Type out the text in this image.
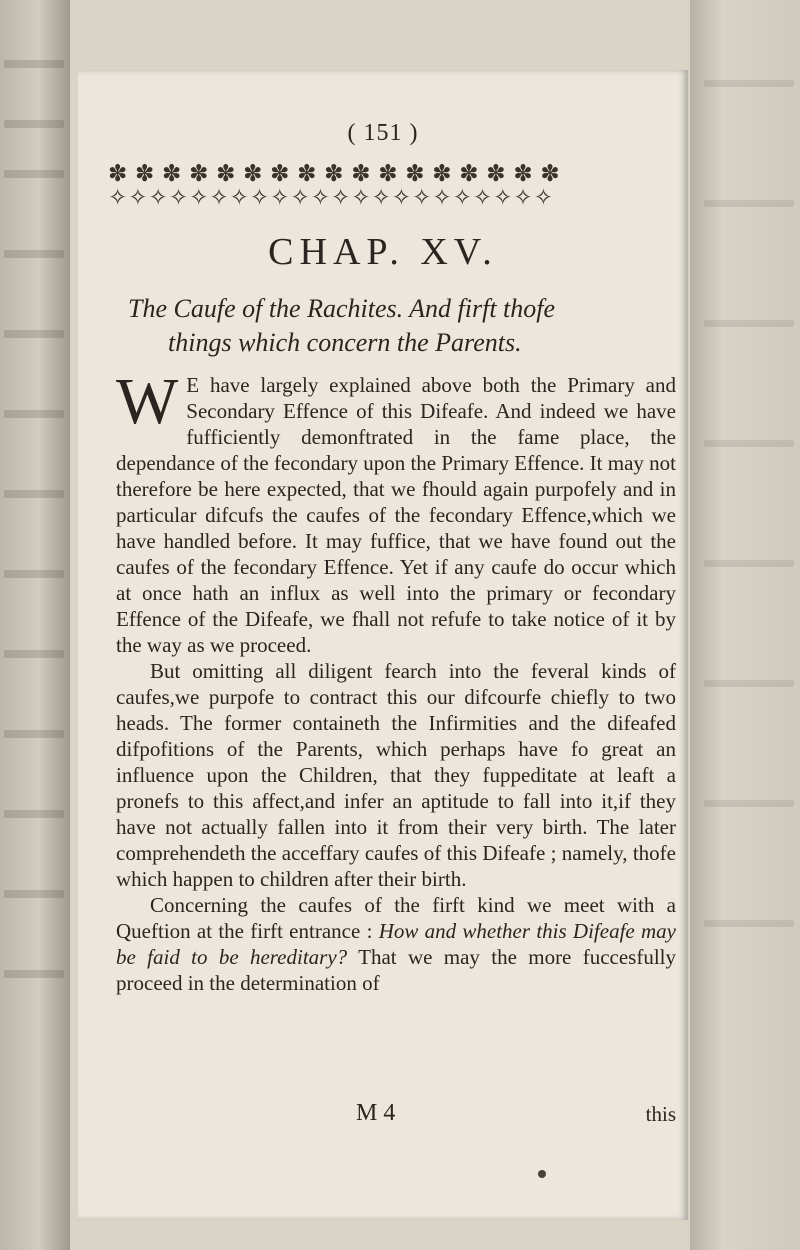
( 151 )
✽ ✽ ✽ ✽ ✽ ✽ ✽ ✽ ✽ ✽ ✽ ✽ ✽ ✽ ✽ ✽ ✽
✧✧✧✧✧✧✧✧✧✧✧✧✧✧✧✧✧✧✧✧✧✧
CHAP. XV.
The Caufe of the Rachites. And firft thofe
things which concern the Parents.

W E have largely explained above both the Primary and Secondary Effence of this Difeafe. And indeed we have fufficiently demonftrated in the fame place, the dependance of the fecondary upon the Primary Effence. It may not therefore be here expected, that we fhould again purpofely and in particular difcufs the caufes of the fecondary Effence,which we have handled before. It may fuffice, that we have found out the caufes of the fecondary Effence. Yet if any caufe do occur which at once hath an influx as well into the primary or fecondary Effence of the Difeafe, we fhall not refufe to take notice of it by the way as we proceed.

But omitting all diligent fearch into the feveral kinds of caufes,we purpofe to contract this our difcourfe chiefly to two heads. The former containeth the Infirmities and the difeafed difpofitions of the Parents, which perhaps have fo great an influence upon the Children, that they fuppeditate at leaft a pronefs to this affect,and infer an aptitude to fall into it,if they have not actually fallen into it from their very birth. The later comprehendeth the acceffary caufes of this Difeafe ; namely, thofe which happen to children after their birth.

Concerning the caufes of the firft kind we meet with a Queftion at the firft entrance : How and whether this Difeafe may be faid to be hereditary? That we may the more fuccesfully proceed in the determination of

M 4	this
